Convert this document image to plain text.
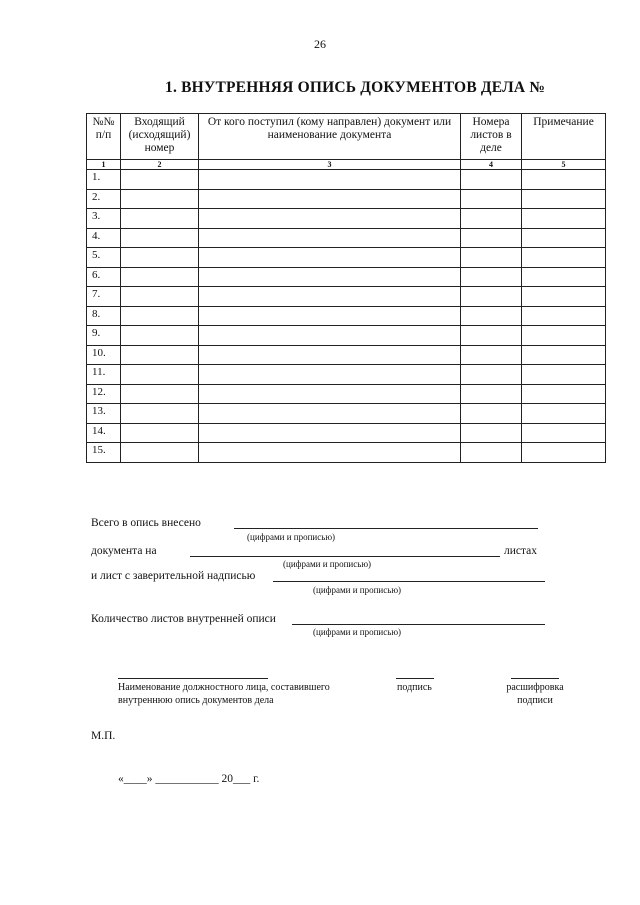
26
1. ВНУТРЕННЯЯ ОПИСЬ ДОКУМЕНТОВ ДЕЛА №
№№ п/п	Входящий (исходящий) номер	От кого поступил (кому направлен) документ или наименование документа	Номера листов в деле	Примечание
1	2	3	4	5
1.				
2.				
3.				
4.				
5.				
6.				
7.				
8.				
9.				
10.				
11.				
12.				
13.				
14.				
15.				
Всего в опись внесено
(цифрами и прописью)
документа на	листах
(цифрами и прописью)
и лист с заверительной надписью
(цифрами и прописью)
Количество листов внутренней описи
(цифрами и прописью)
Наименование должностного лица, составившего внутреннюю опись документов дела
подпись	расшифровка подписи
М.П.
«____» ___________ 20___ г.
